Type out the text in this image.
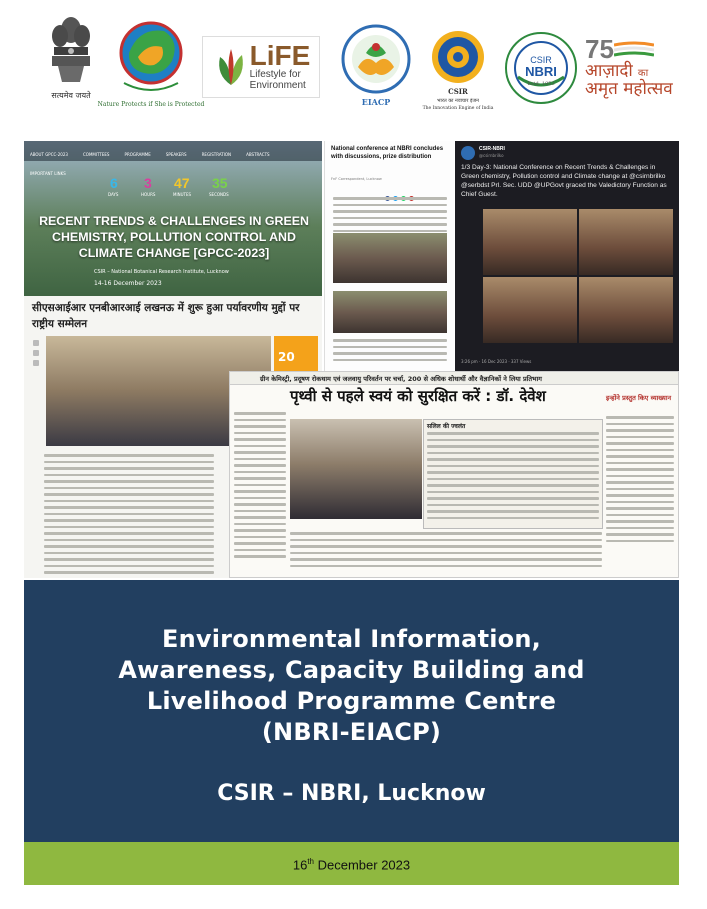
सत्यमेव जयते
Nature Protects if She is Protected
LiFE
Lifestyle for
Environment
EIACP
CSIR
भारत का नवाचार इंजन
The Innovation Engine of India
CSIR
NBRI
Estd. 1953
75
आज़ादी का
अमृत महोत्सव
ABOUT GPCC-2023	COMMITTEES	PROGRAMME	SPEAKERS	REGISTRATION	ABSTRACTS IMPORTANT LINKS
6
DAYS
3
HOURS
47
MINUTES
35
SECONDS
RECENT TRENDS & CHALLENGES IN GREEN CHEMISTRY, POLLUTION CONTROL AND CLIMATE CHANGE [GPCC-2023]
CSIR – National Botanical Research Institute, Lucknow
14-16 December 2023
सीएसआईआर एनबीआरआई लखनऊ में शुरू हुआ पर्यावरणीय मुद्दों पर राष्ट्रीय सम्मेलन
20
National conference at NBRI concludes with discussions, prize distribution
FnF Correspondent, Lucknow
CSIR-NBRI
@csirnbrilko
1/3 Day-3: National Conference on Recent Trends & Challenges in Green chemistry, Pollution control and Climate change at @csirnbrilko @serbdst Prl. Sec. UDD @UPGovt graced the Valedictory Function as Chief Guest.
3:26 pm · 16 Dec 2023 · 337 Views
ग्रीन केमिस्ट्री, प्रदूषण रोकथाम एवं जलवायु परिवर्तन पर चर्चा, 200 से अधिक शोधार्थी और वैज्ञानिकों ने लिया प्रतिभाग
पृथ्वी से पहले स्वयं को सुरक्षित करें : डॉ. देवेश
सलिल की ज्वलंत
इन्होंने प्रस्तुत किए व्याख्यान
Environmental Information,
Awareness, Capacity Building and
Livelihood Programme Centre
(NBRI-EIACP)
CSIR – NBRI, Lucknow
16th December 2023
